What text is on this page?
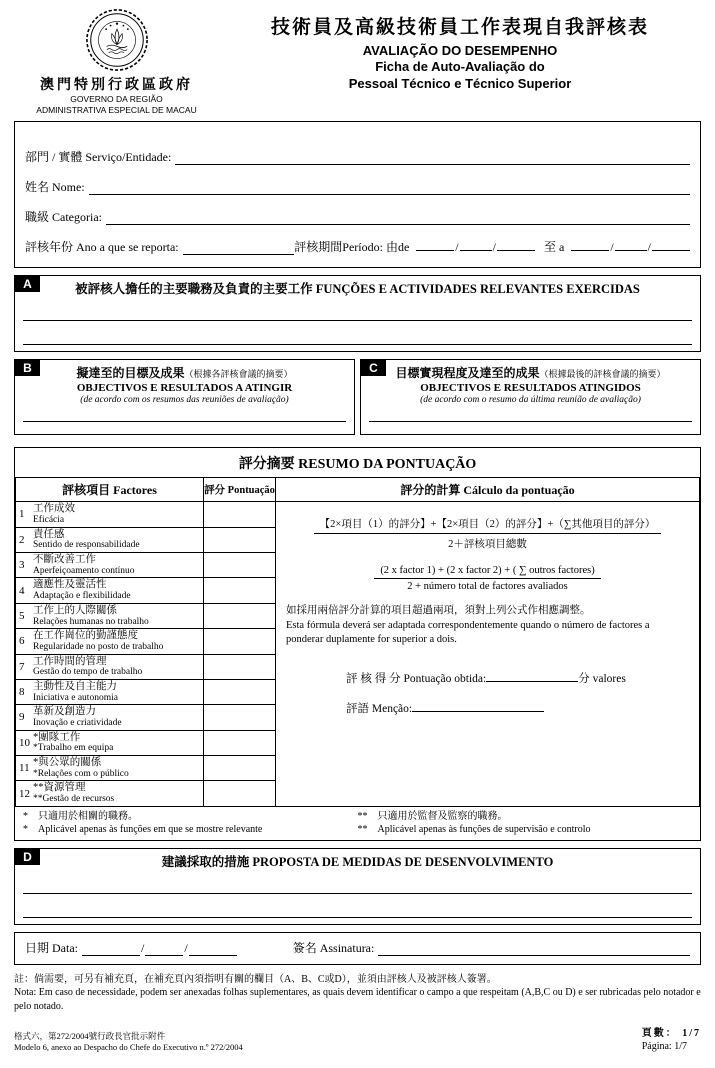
澳門特別行政區政府
GOVERNO DA REGIÃO
ADMINISTRATIVA ESPECIAL DE MACAU
技術員及高級技術員工作表現自我評核表
AVALIAÇÃO DO DESEMPENHO
Ficha de Auto-Avaliação do
Pessoal Técnico e Técnico Superior
部門 / 實體 Serviço/Entidade:
姓名 Nome:
職級 Categoria:
評核年份 Ano a que se reporta:	評核期間Período: 由de	/	/	至 a	/	/
A	被評核人擔任的主要職務及負責的主要工作 FUNÇÕES E ACTIVIDADES RELEVANTES EXERCIDAS
B	擬達至的目標及成果（根據各評核會議的摘要）
OBJECTIVOS E RESULTADOS A ATINGIR
(de acordo com os resumos das reuniões de avaliação)
C	目標實現程度及達至的成果（根據最後的評核會議的摘要）
OBJECTIVOS E RESULTADOS ATINGIDOS
(de acordo com o resumo da última reunião de avaliação)
評分摘要 RESUMO DA PONTUAÇÃO
評核項目 Factores	評分 Pontuação	評分的計算 Cálculo da pontuação

1 工作成效
Eficácia		【2×項目（1）的評分】+【2×項目（2）的評分】+（∑其他項目的評分）
2＋評核項目總數
(2 x factor 1) + (2 x factor 2) + ( ∑ outros factores)
2 + número total de factores avaliados
如採用兩倍評分計算的項目超過兩項，須對上列公式作相應調整。
Esta fórmula deverá ser adaptada correspondentemente quando o número de factores a ponderar duplamente for superior a dois.
評 核 得 分 Pontuação obtida:	分 valores
評語 Menção:

2 責任感
Sentido de responsabilidade		

3 不斷改善工作
Aperfeiçoamento contínuo		

4 適應性及靈活性
Adaptação e flexibilidade		

5 工作上的人際關係
Relações humanas no trabalho		

6 在工作崗位的勤謹態度
Regularidade no posto de trabalho		

7 工作時間的管理
Gestão do tempo de trabalho		

8 主動性及自主能力
Iniciativa e autonomia		

9 革新及創造力
Inovação e criatividade		

10 *團隊工作
*Trabalho em equipa		

11 *與公眾的關係
*Relações com o público		

12 **資源管理
**Gestão de recursos		

*　只適用於相關的職務。
*　Aplicável apenas às funções em que se mostre relevante
**　只適用於監督及監察的職務。
**　Aplicável apenas às funções de supervisão e controlo
D	建議採取的措施 PROPOSTA DE MEDIDAS DE DESENVOLVIMENTO
日期 Data:	/	/	簽名 Assinatura:
註：倘需要，可另有補充頁，在補充頁內須指明有關的欄目（A、B、C或D），並須由評核人及被評核人簽署。
Nota: Em caso de necessidade, podem ser anexadas folhas suplementares, as quais devem identificar o campo a que respeitam (A,B,C ou D) e ser rubricadas pelo notador e pelo notado.
格式六，第272/2004號行政長官批示附件
Modelo 6, anexo ao Despacho do Chefe do Executivo n.º 272/2004
頁數： 1/7
Página: 1/7
